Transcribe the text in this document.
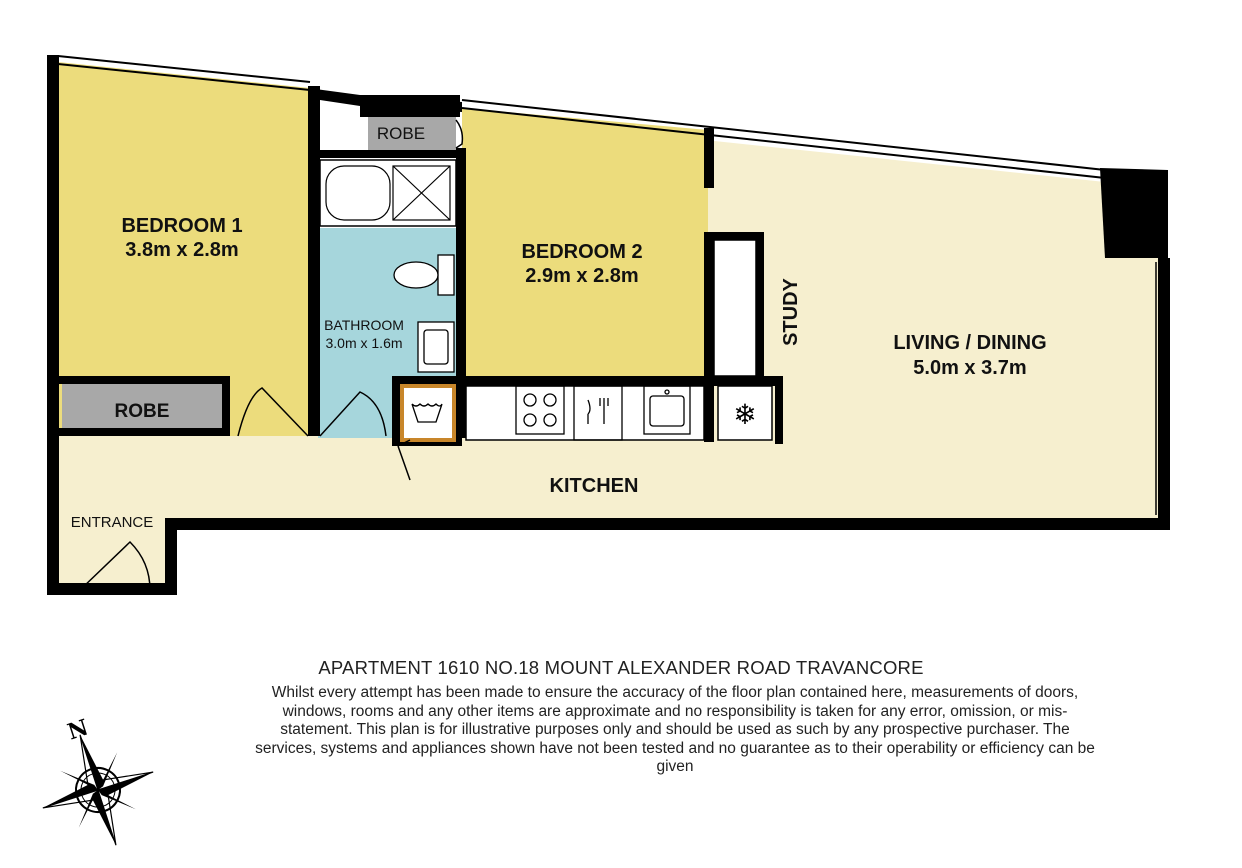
❄
BEDROOM 1
3.8m x 2.8m	BEDROOM 2
2.9m x 2.8m
BATHROOM
3.0m x 1.6m	LIVING / DINING
5.0m x 3.7m
ROBE
ROBE
STUDY
KITCHEN
ENTRANCE
N
APARTMENT 1610 NO.18 MOUNT ALEXANDER ROAD TRAVANCORE
Whilst every attempt has been made to ensure the accuracy of the floor plan contained here, measurements of doors, windows, rooms and any other items are approximate and no responsibility is taken for any error, omission, or mis-statement. This plan is for illustrative purposes only and should be used as such by any prospective purchaser. The services, systems and appliances shown have not been tested and no guarantee as to their operability or efficiency can be given
